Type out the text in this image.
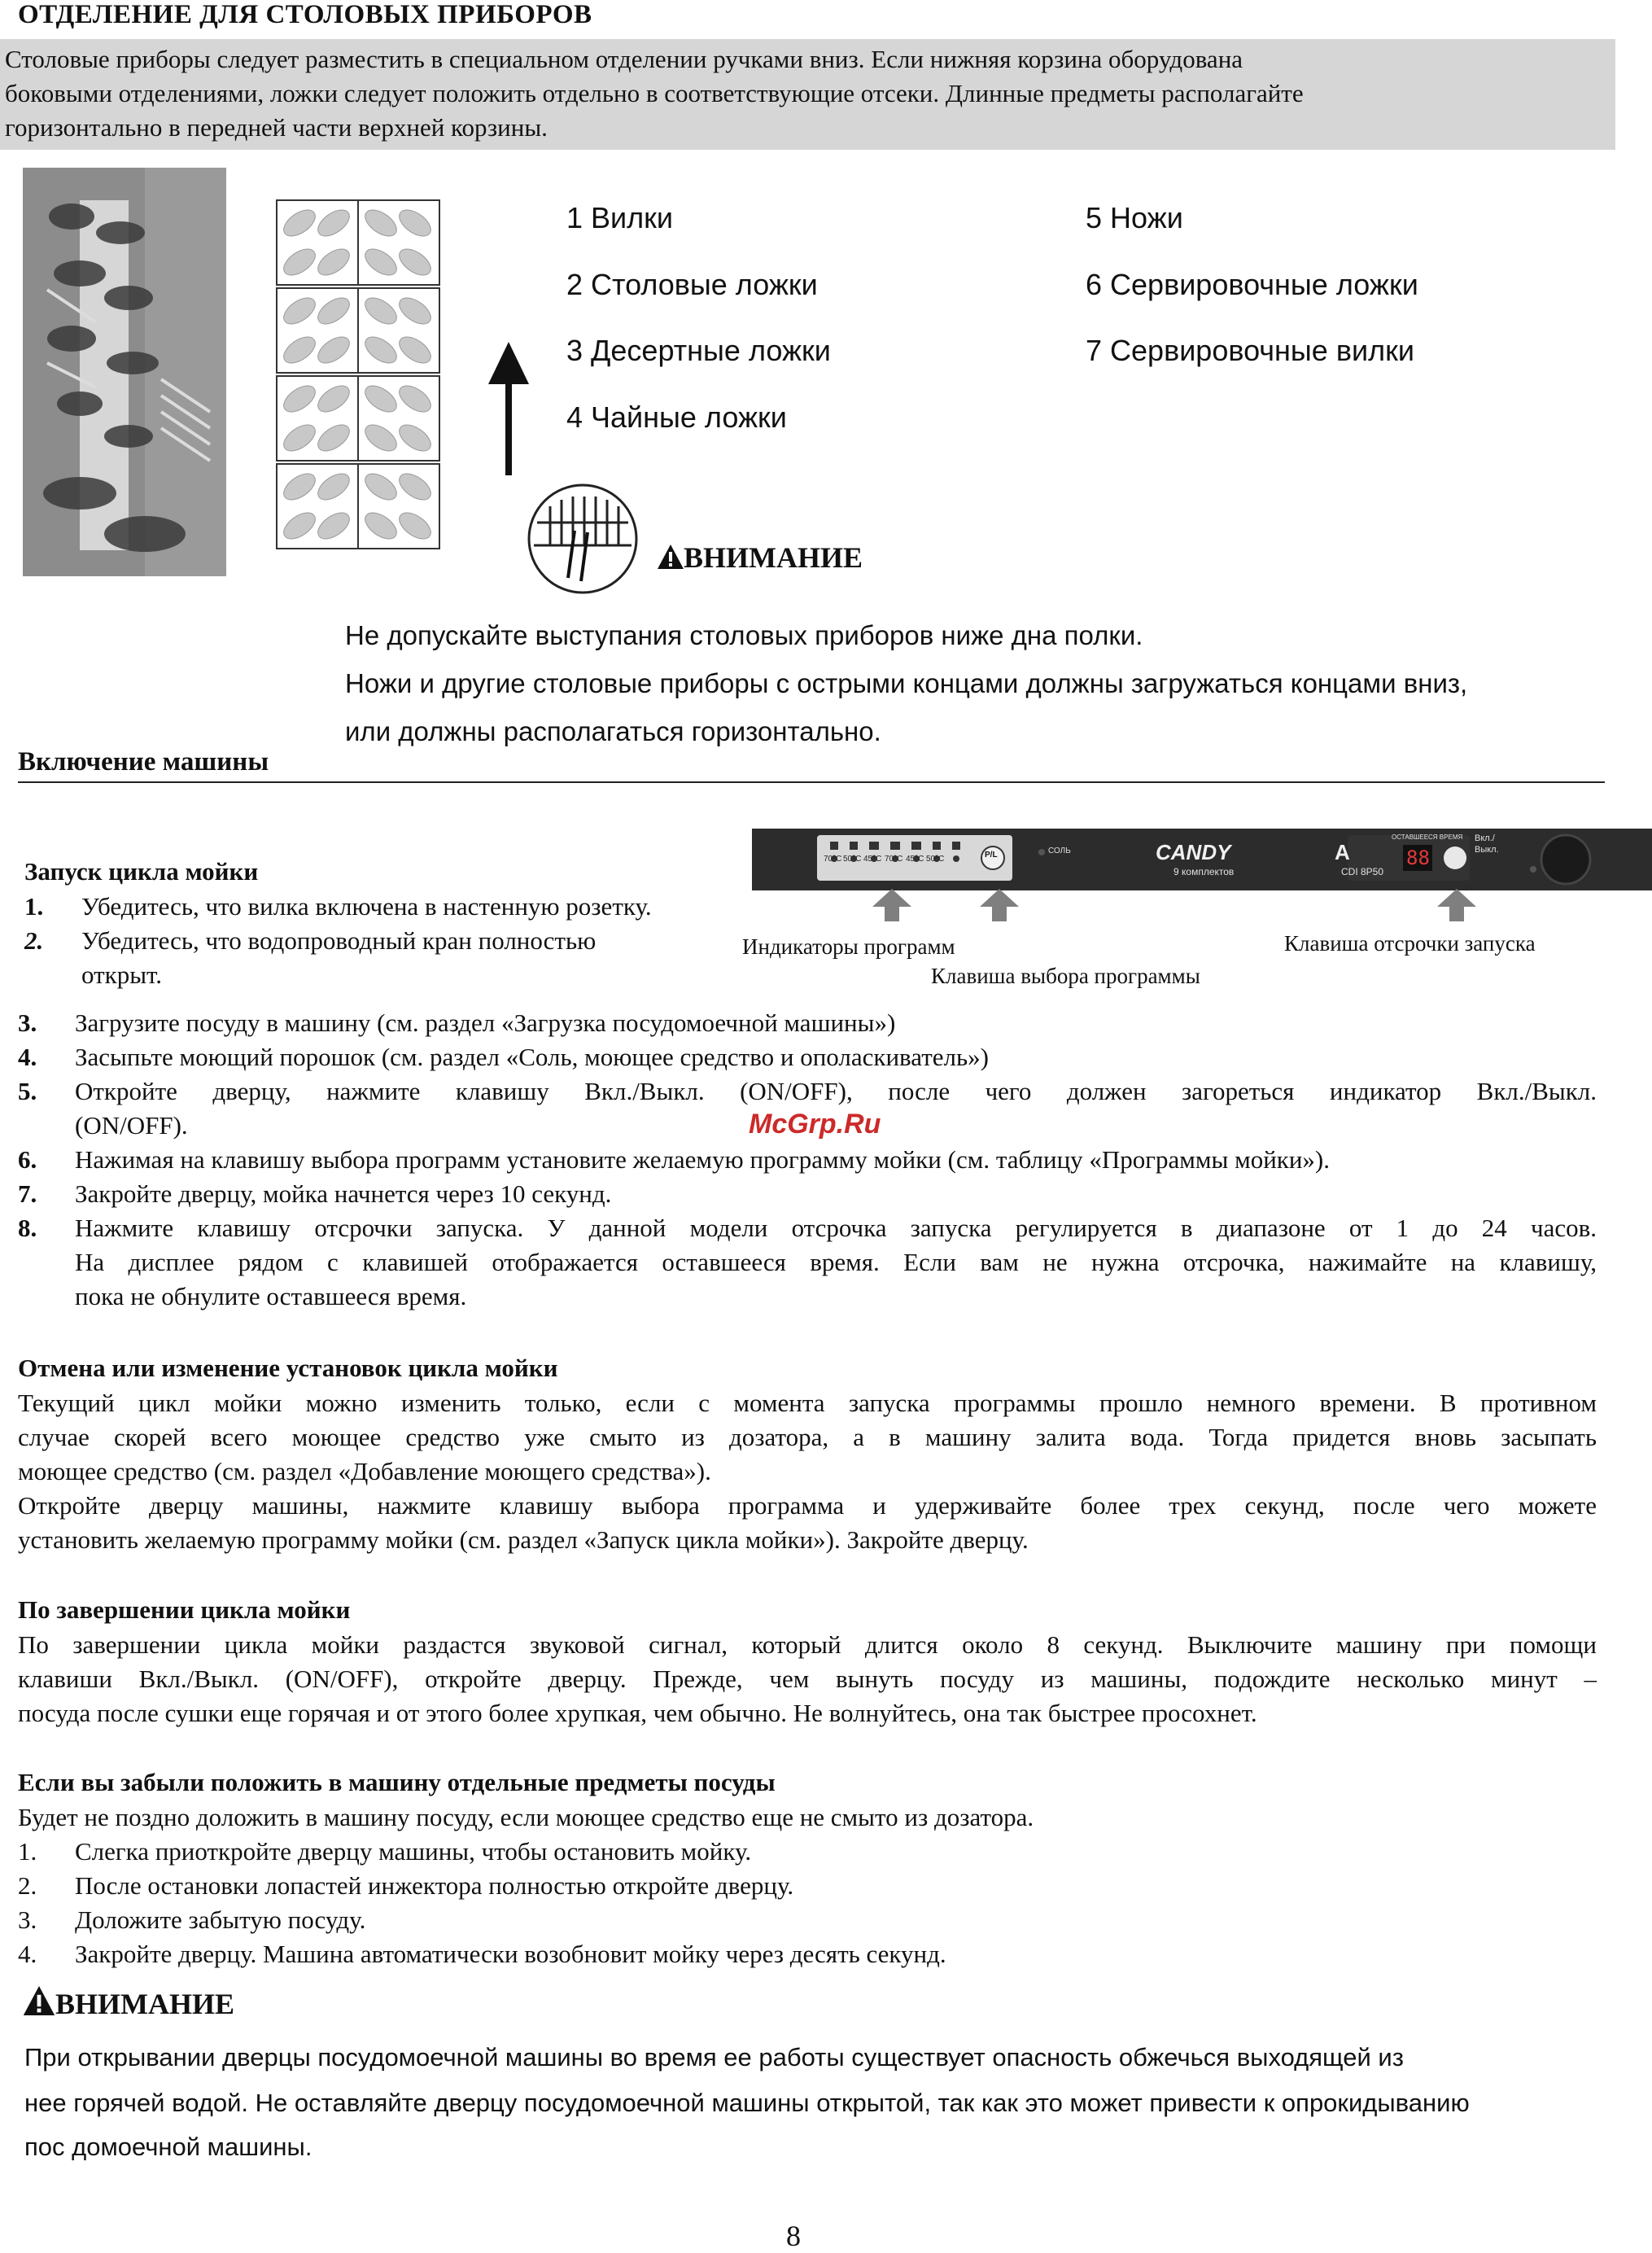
ОТДЕЛЕНИЕ ДЛЯ СТОЛОВЫХ ПРИБОРОВ
Столовые приборы следует разместить в специальном отделении ручками вниз. Если нижняя корзина оборудована
боковыми отделениями, ложки следует положить отдельно в соответствующие отсеки. Длинные предметы располагайте
горизонтально в передней части верхней корзины.
1 Вилки
2 Столовые ложки
3 Десертные ложки
4 Чайные ложки
5 Ножи
6 Сервировочные ложки
7 Сервировочные вилки
ВНИМАНИЕ
Не допускайте выступания столовых приборов ниже дна полки.
Ножи и другие столовые приборы с острыми концами должны загружаться концами вниз,
или должны располагаться горизонтально.
Включение машины
70°C 50°C 45°C 70°C 45°C 50°C	P/L	СОЛЬ	CANDY
9 комплектов
A
CDI 8P50
ОСТАВШЕЕСЯ ВРЕМЯ
88
Вкл./
Выкл.
Индикаторы программ
Клавиша выбора программы
Клавиша отсрочки запуска
Запуск цикла мойки
1. Убедитесь, что вилка включена в настенную розетку.
2. Убедитесь, что водопроводный кран полностью
открыт.
3. Загрузите посуду в машину (см. раздел «Загрузка посудомоечной машины»)
4. Засыпьте моющий порошок (см. раздел «Соль, моющее средство и ополаскиватель»)
5. Откройте дверцу, нажмите клавишу Вкл./Выкл. (ON/OFF), после чего должен загореться индикатор Вкл./Выкл.
(ON/OFF).
6. Нажимая на клавишу выбора программ установите желаемую программу мойки (см. таблицу «Программы мойки»).
7. Закройте дверцу, мойка начнется через 10 секунд.
8. Нажмите клавишу отсрочки запуска. У данной модели отсрочка запуска регулируется в диапазоне от 1 до 24 часов.
На дисплее рядом с клавишей отображается оставшееся время. Если вам не нужна отсрочка, нажимайте на клавишу,
пока не обнулите оставшееся время.
McGrp.Ru
Отмена или изменение установок цикла мойки
Текущий цикл мойки можно изменить только, если с момента запуска программы прошло немного времени. В противном
случае скорей всего моющее средство уже смыто из дозатора, а в машину залита вода. Тогда придется вновь засыпать
моющее средство (см. раздел «Добавление моющего средства»).
Откройте дверцу машины, нажмите клавишу выбора программа и удерживайте более трех секунд, после чего можете
установить желаемую программу мойки (см. раздел «Запуск цикла мойки»). Закройте дверцу.
По завершении цикла мойки
По завершении цикла мойки раздастся звуковой сигнал, который длится около 8 секунд. Выключите машину при помощи
клавиши Вкл./Выкл. (ON/OFF), откройте дверцу. Прежде, чем вынуть посуду из машины, подождите несколько минут –
посуда после сушки еще горячая и от этого более хрупкая, чем обычно. Не волнуйтесь, она так быстрее просохнет.
Если вы забыли положить в машину отдельные предметы посуды
Будет не поздно доложить в машину посуду, если моющее средство еще не смыто из дозатора.
1. Слегка приоткройте дверцу машины, чтобы остановить мойку.
2. После остановки лопастей инжектора полностью откройте дверцу.
3. Доложите забытую посуду.
4. Закройте дверцу. Машина автоматически возобновит мойку через десять секунд.
ВНИМАНИЕ
При открывании дверцы посудомоечной машины во время ее работы существует опасность обжечься выходящей из
нее горячей водой. Не оставляйте дверцу посудомоечной машины открытой, так как это может привести к опрокидыванию
пос домоечной машины.
8
